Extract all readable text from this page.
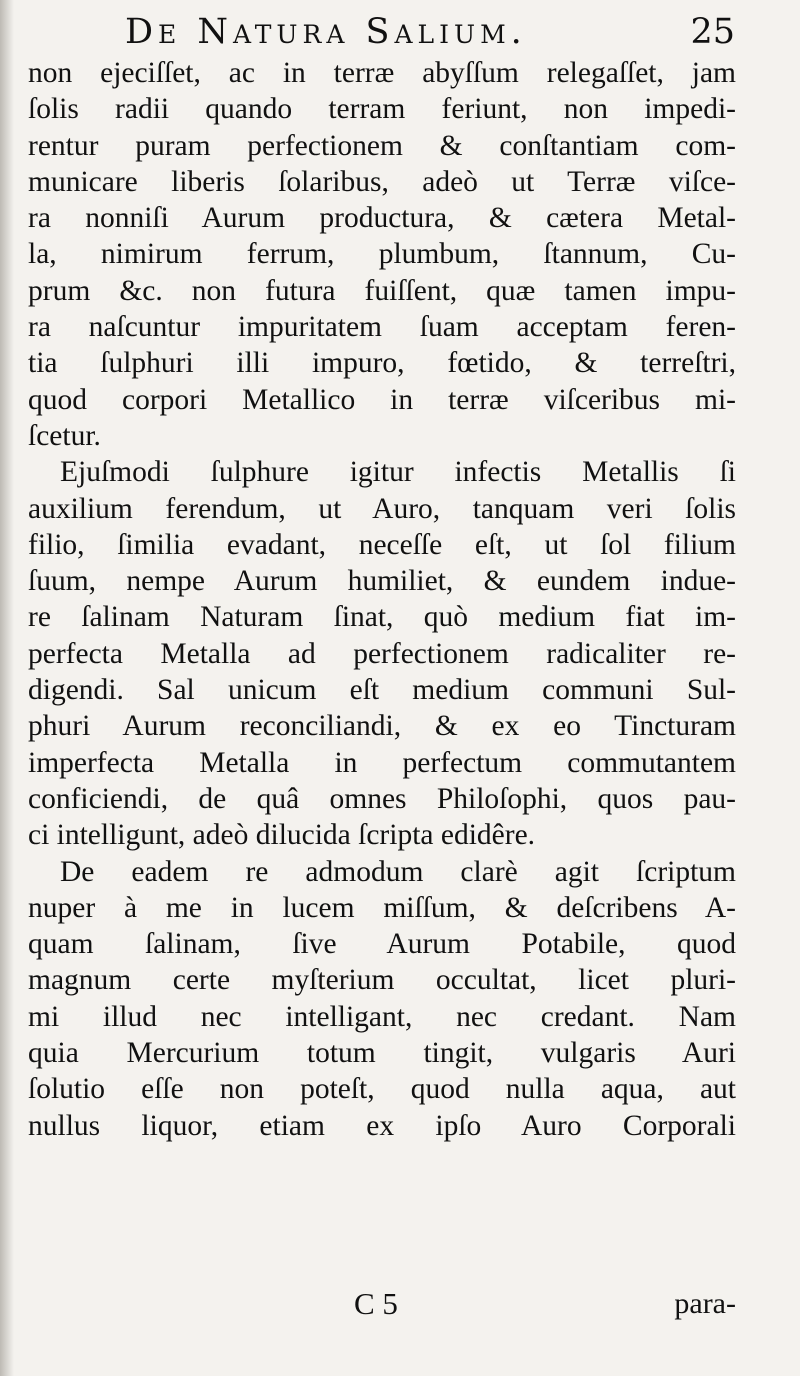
De Natura Salium.	25
non ejeciſſet, ac in terræ abyſſum relegaſſet, jam
ſolis radii quando terram feriunt, non impedi-
rentur puram perfectionem & conſtantiam com-
municare liberis ſolaribus, adeò ut Terræ viſce-
ra nonniſi Aurum productura, & cætera Metal-
la, nimirum ferrum, plumbum, ſtannum, Cu-
prum &c. non futura fuiſſent, quæ tamen impu-
ra naſcuntur impuritatem ſuam acceptam feren-
tia ſulphuri illi impuro, fœtido, & terreſtri,
quod corpori Metallico in terræ viſceribus mi-
ſcetur.
Ejuſmodi ſulphure igitur infectis Metallis ſi
auxilium ferendum, ut Auro, tanquam veri ſolis
filio, ſimilia evadant, neceſſe eſt, ut ſol filium
ſuum, nempe Aurum humiliet, & eundem indue-
re ſalinam Naturam ſinat, quò medium fiat im-
perfecta Metalla ad perfectionem radicaliter re-
digendi. Sal unicum eſt medium communi Sul-
phuri Aurum reconciliandi, & ex eo Tincturam
imperfecta Metalla in perfectum commutantem
conficiendi, de quâ omnes Philoſophi, quos pau-
ci intelligunt, adeò dilucida ſcripta edidêre.
De eadem re admodum clarè agit ſcriptum
nuper à me in lucem miſſum, & deſcribens A-
quam ſalinam, ſive Aurum Potabile, quod
magnum certe myſterium occultat, licet pluri-
mi illud nec intelligant, nec credant. Nam
quia Mercurium totum tingit, vulgaris Auri
ſolutio eſſe non poteſt, quod nulla aqua, aut
nullus liquor, etiam ex ipſo Auro Corporali
C 5	para-
